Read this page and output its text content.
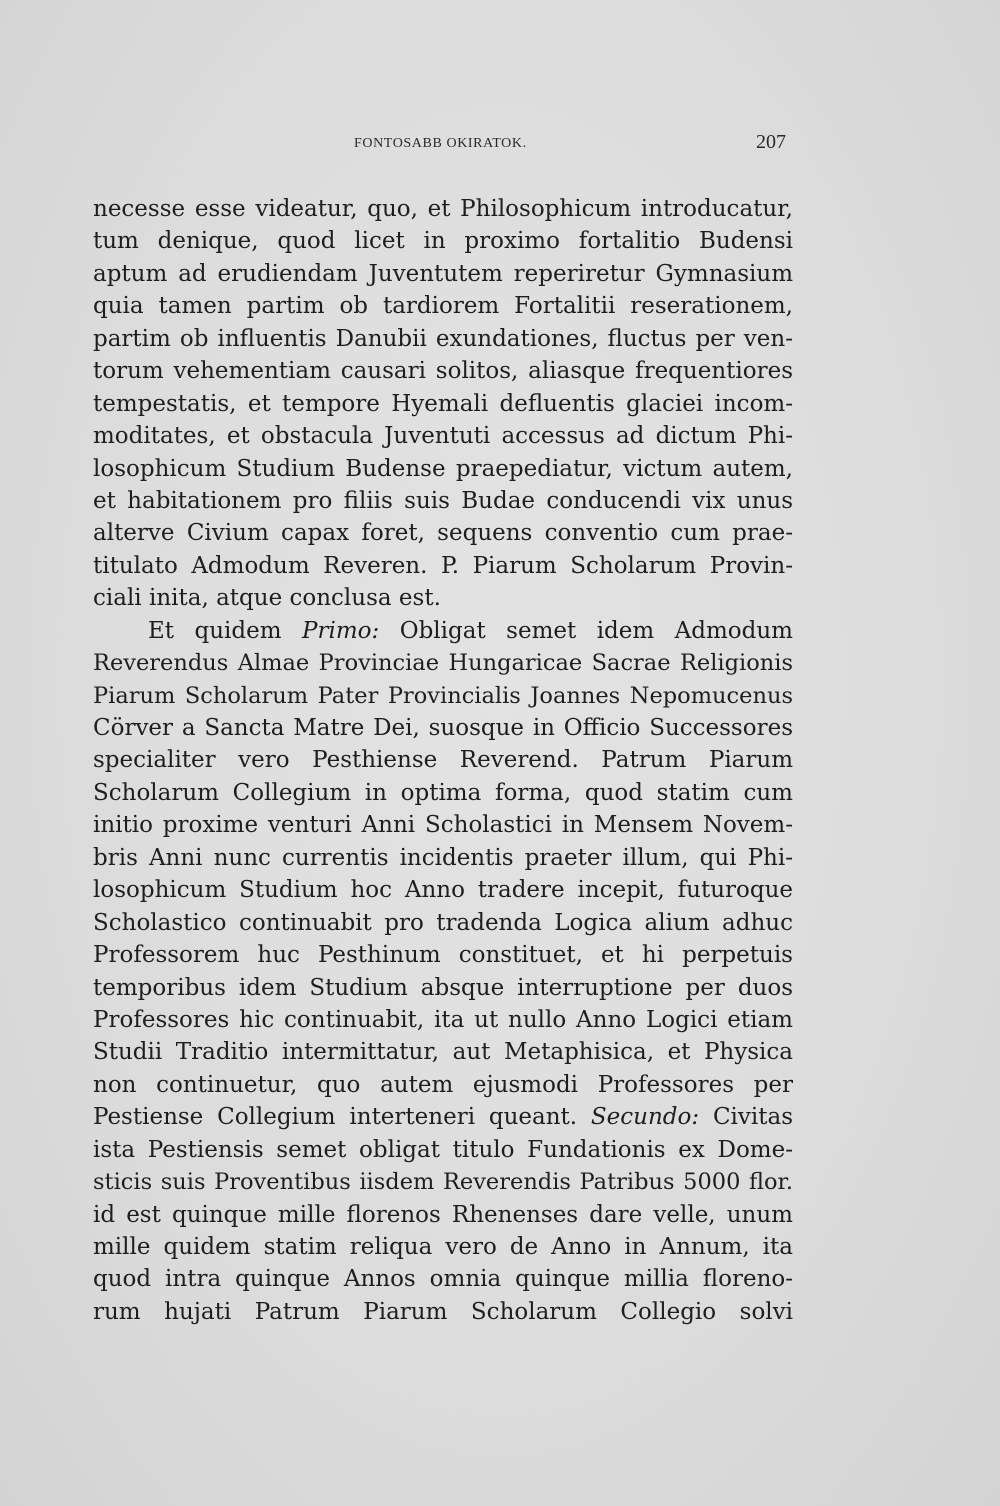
FONTOSABB OKIRATOK.	207
necesse esse videatur, quo, et Philosophicum introducatur,
tum denique, quod licet in proximo fortalitio Budensi
aptum ad erudiendam Juventutem reperiretur Gymnasium
quia tamen partim ob tardiorem Fortalitii reserationem,
partim ob influentis Danubii exundationes, fluctus per ven-
torum vehementiam causari solitos, aliasque frequentiores
tempestatis, et tempore Hyemali defluentis glaciei incom-
moditates, et obstacula Juventuti accessus ad dictum Phi-
losophicum Studium Budense praepediatur, victum autem,
et habitationem pro filiis suis Budae conducendi vix unus
alterve Civium capax foret, sequens conventio cum prae-
titulato Admodum Reveren. P. Piarum Scholarum Provin-
ciali inita, atque conclusa est.
Et quidem Primo: Obligat semet idem Admodum
Reverendus Almae Provinciae Hungaricae Sacrae Religionis
Piarum Scholarum Pater Provincialis Joannes Nepomucenus
Cörver a Sancta Matre Dei, suosque in Officio Successores
specialiter vero Pesthiense Reverend. Patrum Piarum
Scholarum Collegium in optima forma, quod statim cum
initio proxime venturi Anni Scholastici in Mensem Novem-
bris Anni nunc currentis incidentis praeter illum, qui Phi-
losophicum Studium hoc Anno tradere incepit, futuroque
Scholastico continuabit pro tradenda Logica alium adhuc
Professorem huc Pesthinum constituet, et hi perpetuis
temporibus idem Studium absque interruptione per duos
Professores hic continuabit, ita ut nullo Anno Logici etiam
Studii Traditio intermittatur, aut Metaphisica, et Physica
non continuetur, quo autem ejusmodi Professores per
Pestiense Collegium interteneri queant. Secundo: Civitas
ista Pestiensis semet obligat titulo Fundationis ex Dome-
sticis suis Proventibus iisdem Reverendis Patribus 5000 flor.
id est quinque mille florenos Rhenenses dare velle, unum
mille quidem statim reliqua vero de Anno in Annum, ita
quod intra quinque Annos omnia quinque millia floreno-
rum hujati Patrum Piarum Scholarum Collegio solvi
